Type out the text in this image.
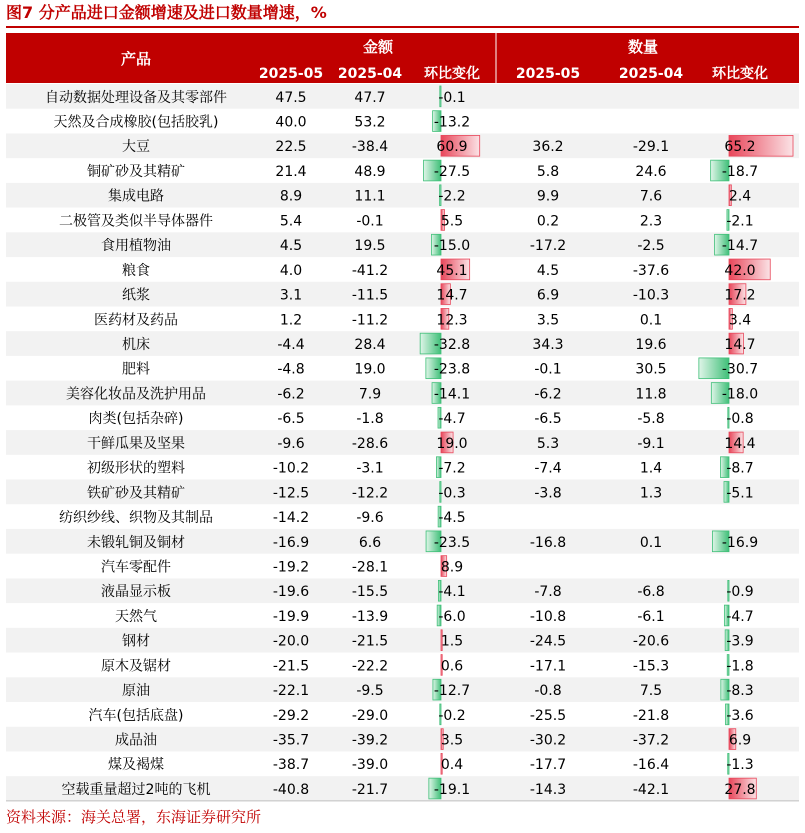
图7 分产品进口金额增速及进口数量增速，%
产品
金额
2025-05 2025-04 环比变化
数量
2025-05	2025-04 环比变化
自动数据处理设备及其零部件	47.5	47.7	-0.1
天然及合成橡胶(包括胶乳)	40.0	53.2	-13.2
大豆	22.5	-38.4	60.9	36.2	-29.1	65.2
铜矿砂及其精矿	21.4	48.9	-27.5	5.8	24.6	-18.7
集成电路	8.9	11.1	-2.2	9.9	7.6	2.4
二极管及类似半导体器件	5.4	-0.1	5.5	0.2	2.3	-2.1
食用植物油	4.5	19.5	-15.0	-17.2	-2.5	-14.7
粮食	4.0	-41.2	45.1	4.5	-37.6	42.0
纸浆	3.1	-11.5	14.7	6.9	-10.3	17.2
医药材及药品	1.2	-11.2	12.3	3.5	0.1	3.4
机床	-4.4	28.4	-32.8	34.3	19.6	14.7
肥料	-4.8	19.0	-23.8	-0.1	30.5	-30.7
美容化妆品及洗护用品	-6.2	7.9	-14.1	-6.2	11.8	-18.0
肉类(包括杂碎)	-6.5	-1.8	-4.7	-6.5	-5.8	-0.8
干鲜瓜果及坚果	-9.6	-28.6	19.0	5.3	-9.1	14.4
初级形状的塑料	-10.2	-3.1	-7.2	-7.4	1.4	-8.7
铁矿砂及其精矿	-12.5	-12.2	-0.3	-3.8	1.3	-5.1
纺织纱线、织物及其制品	-14.2	-9.6	-4.5
未锻轧铜及铜材	-16.9	6.6	-23.5	-16.8	0.1	-16.9
汽车零配件	-19.2	-28.1	8.9
液晶显示板	-19.6	-15.5	-4.1	-7.8	-6.8	-0.9
天然气	-19.9	-13.9	-6.0	-10.8	-6.1	-4.7
钢材	-20.0	-21.5	1.5	-24.5	-20.6	-3.9
原木及锯材	-21.5	-22.2	0.6	-17.1	-15.3	-1.8
原油	-22.1	-9.5	-12.7	-0.8	7.5	-8.3
汽车(包括底盘)	-29.2	-29.0	-0.2	-25.5	-21.8	-3.6
成品油	-35.7	-39.2	3.5	-30.2	-37.2	6.9
煤及褐煤	-38.7	-39.0	0.4	-17.7	-16.4	-1.3
空载重量超过2吨的飞机	-40.8	-21.7	-19.1	-14.3	-42.1	27.8
资料来源：海关总署，东海证券研究所
